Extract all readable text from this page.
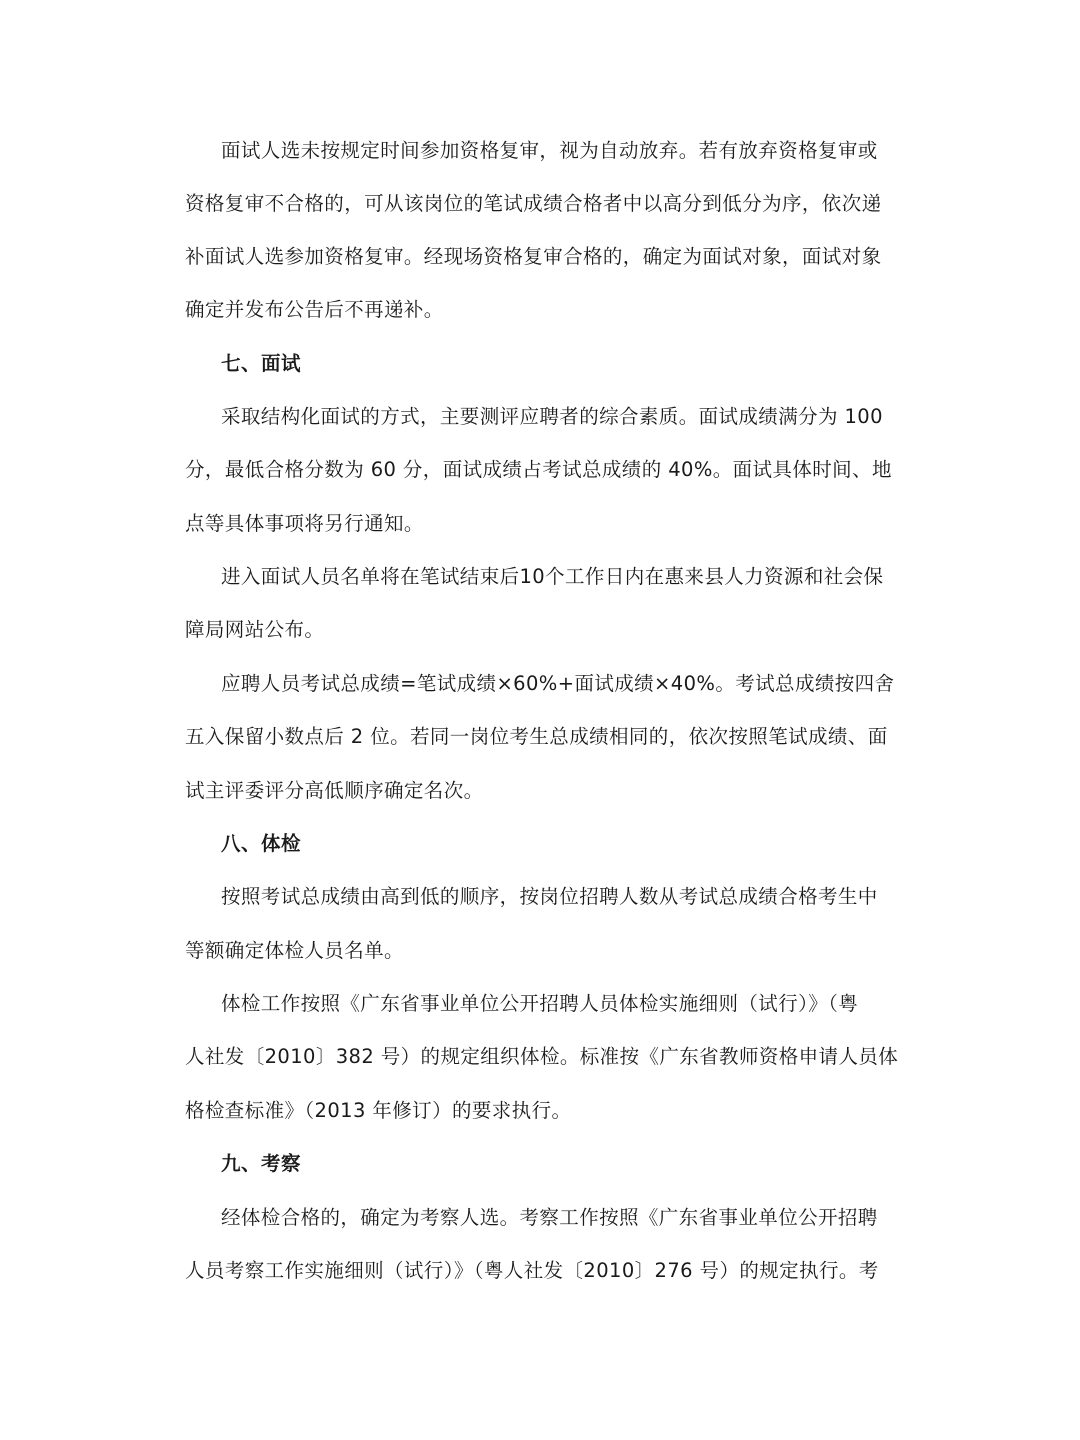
面试人选未按规定时间参加资格复审，视为自动放弃。若有放弃资格复审或
资格复审不合格的，可从该岗位的笔试成绩合格者中以高分到低分为序，依次递
补面试人选参加资格复审。经现场资格复审合格的，确定为面试对象，面试对象
确定并发布公告后不再递补。
七、面试
采取结构化面试的方式，主要测评应聘者的综合素质。面试成绩满分为 100
分，最低合格分数为 60 分，面试成绩占考试总成绩的 40%。面试具体时间、地
点等具体事项将另行通知。
进入面试人员名单将在笔试结束后10个工作日内在惠来县人力资源和社会保
障局网站公布。
应聘人员考试总成绩=笔试成绩×60%+面试成绩×40%。考试总成绩按四舍
五入保留小数点后 2 位。若同一岗位考生总成绩相同的，依次按照笔试成绩、面
试主评委评分高低顺序确定名次。
八、体检
按照考试总成绩由高到低的顺序，按岗位招聘人数从考试总成绩合格考生中
等额确定体检人员名单。
体检工作按照《广东省事业单位公开招聘人员体检实施细则（试行）》（粤
人社发〔2010〕382 号）的规定组织体检。标准按《广东省教师资格申请人员体
格检查标准》（2013 年修订）的要求执行。
九、考察
经体检合格的，确定为考察人选。考察工作按照《广东省事业单位公开招聘
人员考察工作实施细则（试行）》（粤人社发〔2010〕276 号）的规定执行。考
